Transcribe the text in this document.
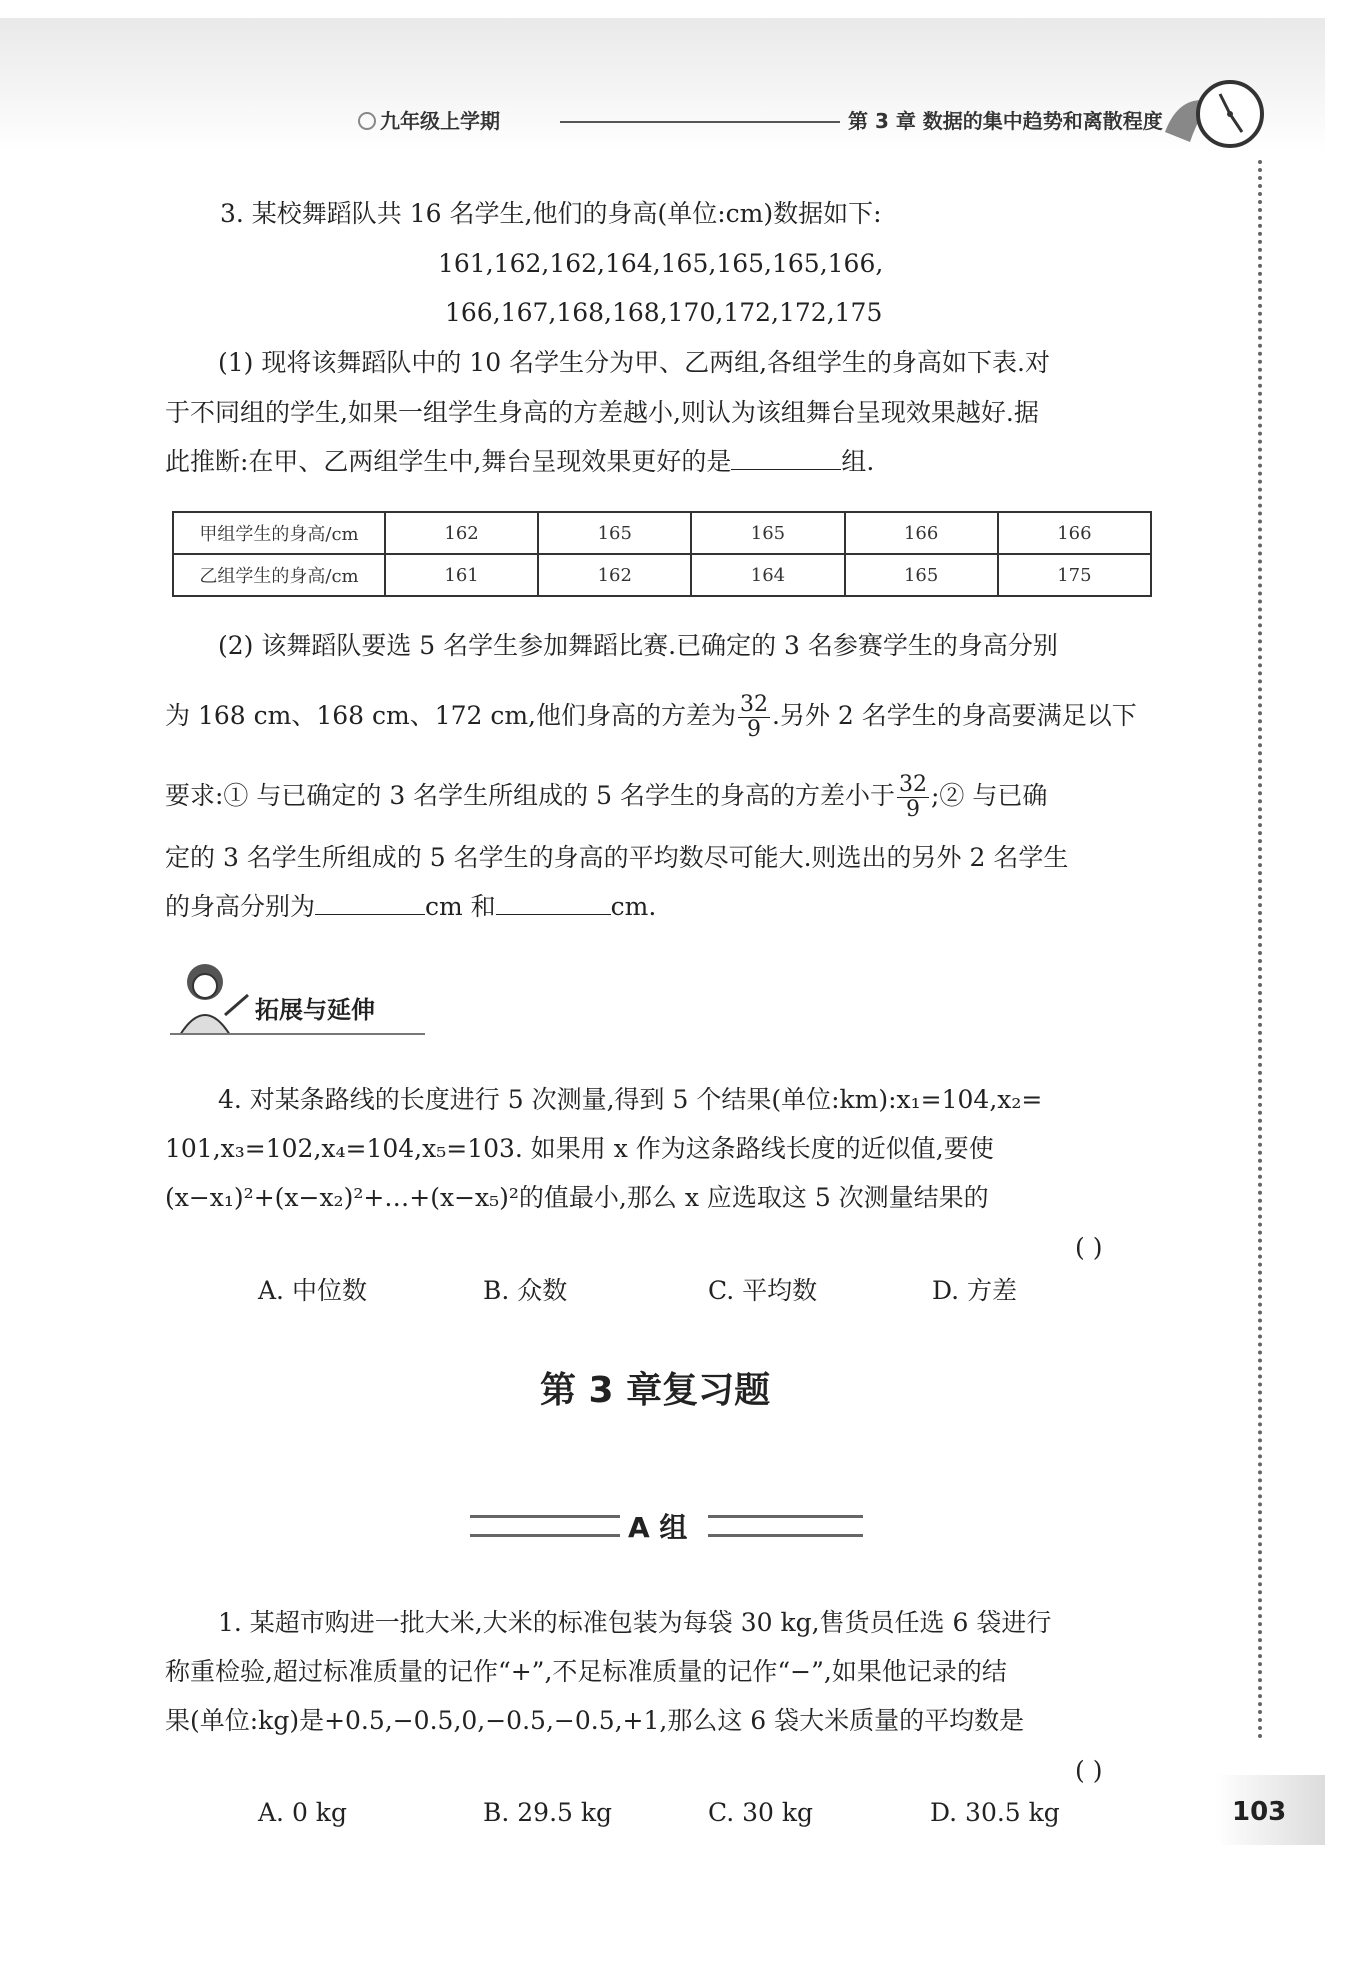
九年级上学期	第 3 章 数据的集中趋势和离散程度
3. 某校舞蹈队共 16 名学生,他们的身高(单位:cm)数据如下:
161,162,162,164,165,165,165,166,
166,167,168,168,170,172,172,175
(1) 现将该舞蹈队中的 10 名学生分为甲、乙两组,各组学生的身高如下表.对
于不同组的学生,如果一组学生身高的方差越小,则认为该组舞台呈现效果越好.据
此推断:在甲、乙两组学生中,舞台呈现效果更好的是	组.
甲组学生的身高/cm	162	165	165	166	166
乙组学生的身高/cm	161	162	164	165	175
(2) 该舞蹈队要选 5 名学生参加舞蹈比赛.已确定的 3 名参赛学生的身高分别
为 168 cm、168 cm、172 cm,他们身高的方差为 $\frac{32}{9}$ .另外 2 名学生的身高要满足以下
要求:① 与已确定的 3 名学生所组成的 5 名学生的身高的方差小于 $\frac{32}{9}$ ;② 与已确
定的 3 名学生所组成的 5 名学生的身高的平均数尽可能大.则选出的另外 2 名学生
的身高分别为	cm 和	cm.
拓展与延伸
4. 对某条路线的长度进行 5 次测量,得到 5 个结果(单位:km):x₁=104,x₂=
101,x₃=102,x₄=104,x₅=103. 如果用 x 作为这条路线长度的近似值,要使
(x−x₁)²+(x−x₂)²+…+(x−x₅)²的值最小,那么 x 应选取这 5 次测量结果的
( )
A. 中位数	B. 众数	C. 平均数	D. 方差
第 3 章复习题
A 组
1. 某超市购进一批大米,大米的标准包装为每袋 30 kg,售货员任选 6 袋进行
称重检验,超过标准质量的记作“+”,不足标准质量的记作“−”,如果他记录的结
果(单位:kg)是+0.5,−0.5,0,−0.5,−0.5,+1,那么这 6 袋大米质量的平均数是
( )
A. 0 kg	B. 29.5 kg	C. 30 kg	D. 30.5 kg	103
